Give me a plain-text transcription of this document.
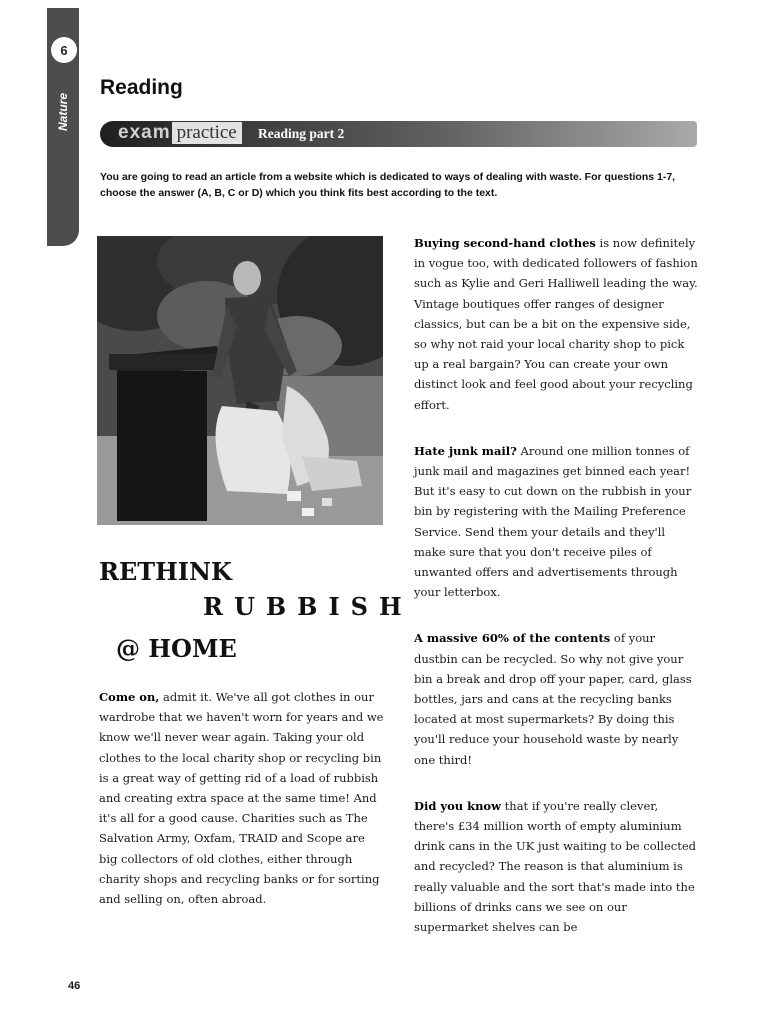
6
Nature
Reading
exam practice	Reading part 2

You are going to read an article from a website which is dedicated to ways of dealing with waste. For questions 1-7, choose the answer (A, B, C or D) which you think fits best according to the text.

RETHINK
RUBBISH
@ HOME

Come on, admit it. We've all got clothes in our wardrobe that we haven't worn for years and we know we'll never wear again. Taking your old clothes to the local charity shop or recycling bin is a great way of getting rid of a load of rubbish and creating extra space at the same time! And it's all for a good cause. Charities such as The Salvation Army, Oxfam, TRAID and Scope are big collectors of old clothes, either through charity shops and recycling banks or for sorting and selling on, often abroad.

Buying second-hand clothes is now definitely in vogue too, with dedicated followers of fashion such as Kylie and Geri Halliwell leading the way. Vintage boutiques offer ranges of designer classics, but can be a bit on the expensive side, so why not raid your local charity shop to pick up a real bargain? You can create your own distinct look and feel good about your recycling effort.

Hate junk mail? Around one million tonnes of junk mail and magazines get binned each year! But it's easy to cut down on the rubbish in your bin by registering with the Mailing Preference Service. Send them your details and they'll make sure that you don't receive piles of unwanted offers and advertisements through your letterbox.

A massive 60% of the contents of your dustbin can be recycled. So why not give your bin a break and drop off your paper, card, glass bottles, jars and cans at the recycling banks located at most supermarkets? By doing this you'll reduce your household waste by nearly one third!

Did you know that if you're really clever, there's £34 million worth of empty aluminium drink cans in the UK just waiting to be collected and recycled? The reason is that aluminium is really valuable and the sort that's made into the billions of drinks cans we see on our supermarket shelves can be

46
